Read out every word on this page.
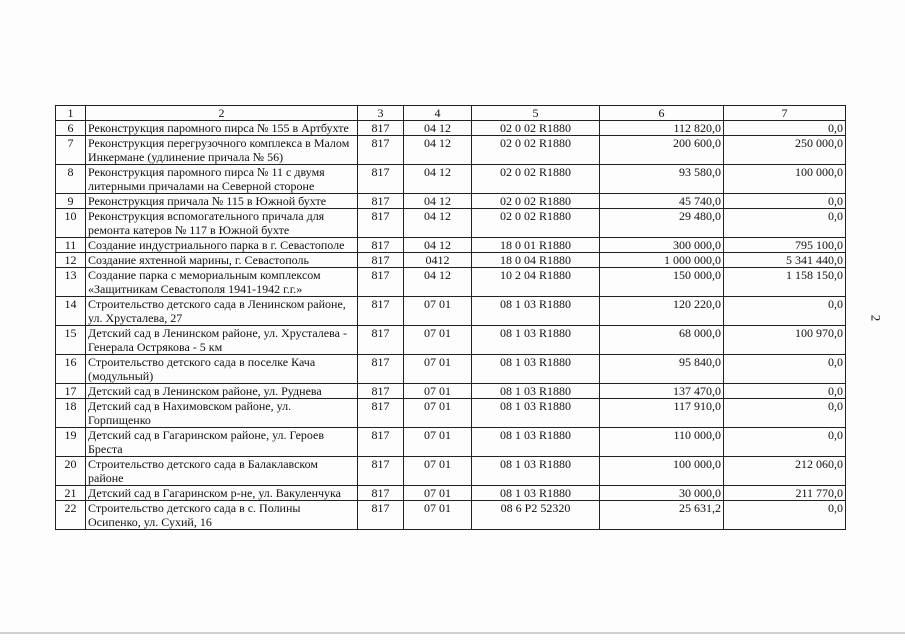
1	2	3	4	5	6	7
6	Реконструкция паромного пирса № 155 в Артбухте	817	04 12	02 0 02 R1880	112 820,0	0,0
7	Реконструкция перегрузочного комплекса в Малом Инкермане (удлинение причала № 56)	817	04 12	02 0 02 R1880	200 600,0	250 000,0
8	Реконструкция паромного пирса № 11 с двумя литерными причалами на Северной стороне	817	04 12	02 0 02 R1880	93 580,0	100 000,0
9	Реконструкция причала № 115 в Южной бухте	817	04 12	02 0 02 R1880	45 740,0	0,0
10	Реконструкция вспомогательного причала для ремонта катеров № 117 в Южной бухте	817	04 12	02 0 02 R1880	29 480,0	0,0
11	Создание индустриального парка в г. Севастополе	817	04 12	18 0 01 R1880	300 000,0	795 100,0
12	Создание яхтенной марины, г. Севастополь	817	0412	18 0 04 R1880	1 000 000,0	5 341 440,0
13	Создание парка с мемориальным комплексом «Защитникам Севастополя 1941-1942 г.г.»	817	04 12	10 2 04 R1880	150 000,0	1 158 150,0
14	Строительство детского сада в Ленинском районе, ул. Хрусталева, 27	817	07 01	08 1 03 R1880	120 220,0	0,0
15	Детский сад в Ленинском районе, ул. Хрусталева - Генерала Острякова - 5 км	817	07 01	08 1 03 R1880	68 000,0	100 970,0
16	Строительство детского сада в поселке Кача (модульный)	817	07 01	08 1 03 R1880	95 840,0	0,0
17	Детский сад в Ленинском районе, ул. Руднева	817	07 01	08 1 03 R1880	137 470,0	0,0
18	Детский сад в Нахимовском районе, ул. Горпищенко	817	07 01	08 1 03 R1880	117 910,0	0,0
19	Детский сад в Гагаринском районе, ул. Героев Бреста	817	07 01	08 1 03 R1880	110 000,0	0,0
20	Строительство детского сада в Балаклавском районе	817	07 01	08 1 03 R1880	100 000,0	212 060,0
21	Детский сад в Гагаринском р-не, ул. Вакуленчука	817	07 01	08 1 03 R1880	30 000,0	211 770,0
22	Строительство детского сада в с. Полины Осипенко, ул. Сухий, 16	817	07 01	08 6 P2 52320	25 631,2	0,0
2
